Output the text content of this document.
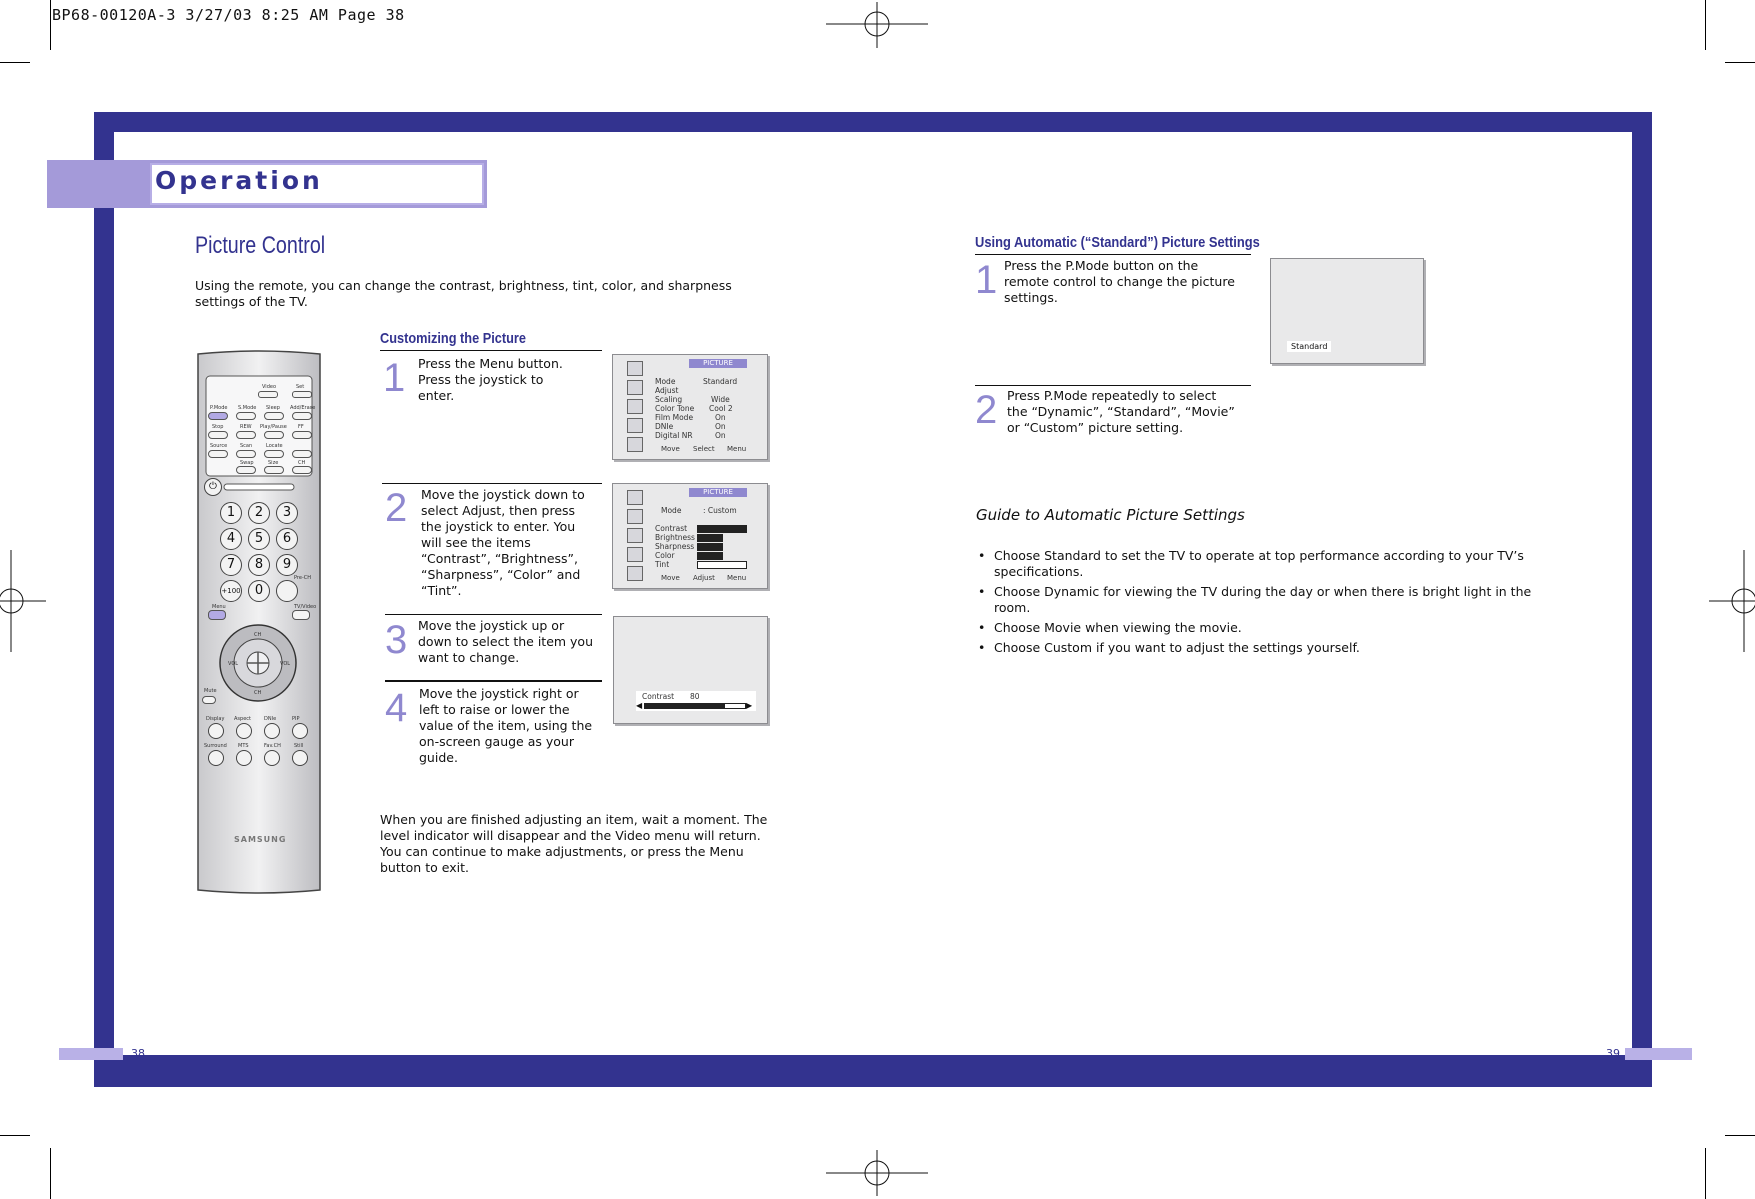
BP68-00120A-3 3/27/03 8:25 AM Page 38
Operation
Picture Control
Using the remote, you can change the contrast, brightness, tint, color, and sharpness settings of the TV.
Customizing the Picture
1 Press the Menu button. Press the joystick to enter.
2 Move the joystick down to select Adjust, then press the joystick to enter. You will see the items “Contrast”, “Brightness”, “Sharpness”, “Color” and “Tint”.
3 Move the joystick up or down to select the item you want to change.
4 Move the joystick right or left to raise or lower the value of the item, using the on-screen gauge as your guide.
When you are finished adjusting an item, wait a moment. The level indicator will disappear and the Video menu will return. You can continue to make adjustments, or press the Menu button to exit.
PICTURE
Mode	Standard
Adjust
Scaling	Wide
Color Tone Cool 2
Film Mode	On
DNIe	On
Digital NR	On
Move Select Menu
PICTURE
Mode	: Custom
Contrast
Brightness
Sharpness
Color
Tint
Move Adjust Menu
Contrast 80
◀	▶
Video	Set
P.Mode S.Mode Sleep Add/Erase
Stop	REW Play/Pause FF
Source	Scan	Locate
Swap	Size	CH
⏻
1	2	3
4	5	6
7	8	9
+100	0
Pre-CH
Menu	TV/Video
CH
VOL	VOL
CH
Mute
Display Aspect	DNIe	PIP
Surround MTS	Fav.CH	Still
SAMSUNG
Using Automatic (“Standard”) Picture Settings
1 Press the P.Mode button on the remote control to change the picture settings.
Standard
2 Press P.Mode repeatedly to select the “Dynamic”, “Standard”, “Movie” or “Custom” picture setting.
Guide to Automatic Picture Settings
• Choose Standard to set the TV to operate at top performance according to your TV’s specifications.
• Choose Dynamic for viewing the TV during the day or when there is bright light in the room.
• Choose Movie when viewing the movie.
• Choose Custom if you want to adjust the settings yourself.
38	39
